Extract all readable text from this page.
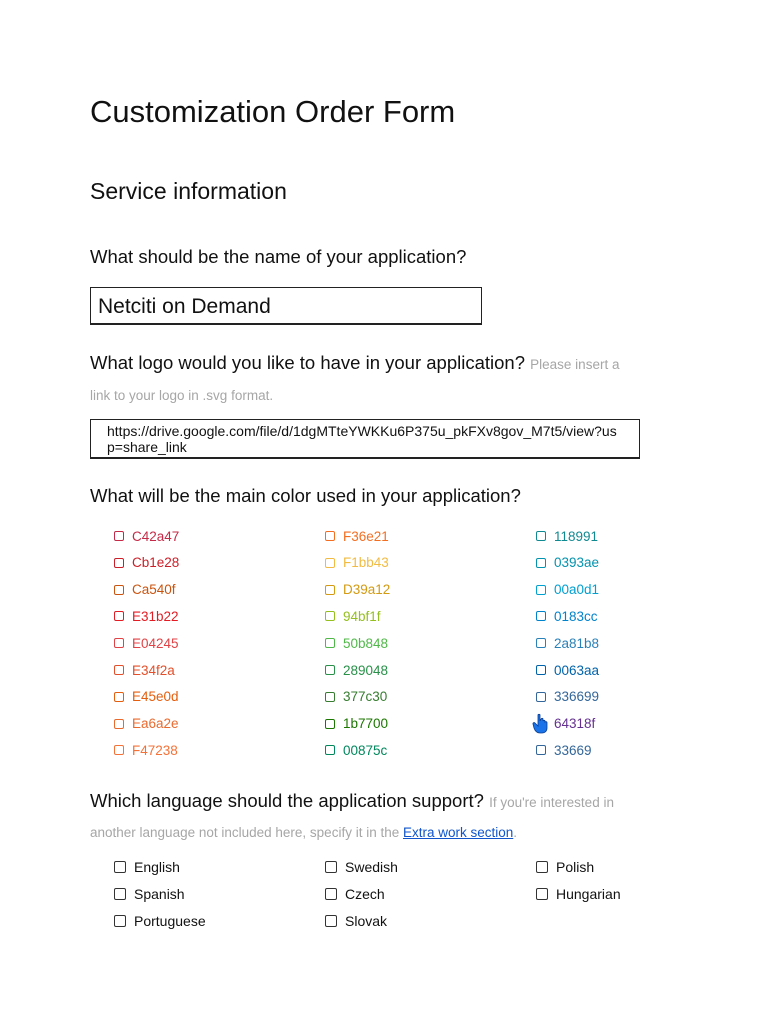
Customization Order Form
Service information
What should be the name of your application?
Netciti on Demand
What logo would you like to have in your application? Please insert a
link to your logo in .svg format.
https://drive.google.com/file/d/1dgMTteYWKKu6P375u_pkFXv8gov_M7t5/view?usp=share_link
What will be the main color used in your application?
C42a47
Cb1e28
Ca540f
E31b22
E04245
E34f2a
E45e0d
Ea6a2e
F47238
F36e21
F1bb43
D39a12
94bf1f
50b848
289048
377c30
1b7700
00875c
118991
0393ae
00a0d1
0183cc
2a81b8
0063aa
336699
64318f
33669
Which language should the application support? If you're interested in
another language not included here, specify it in the Extra work section.
English
Spanish
Portuguese
Swedish
Czech
Slovak
Polish
Hungarian
